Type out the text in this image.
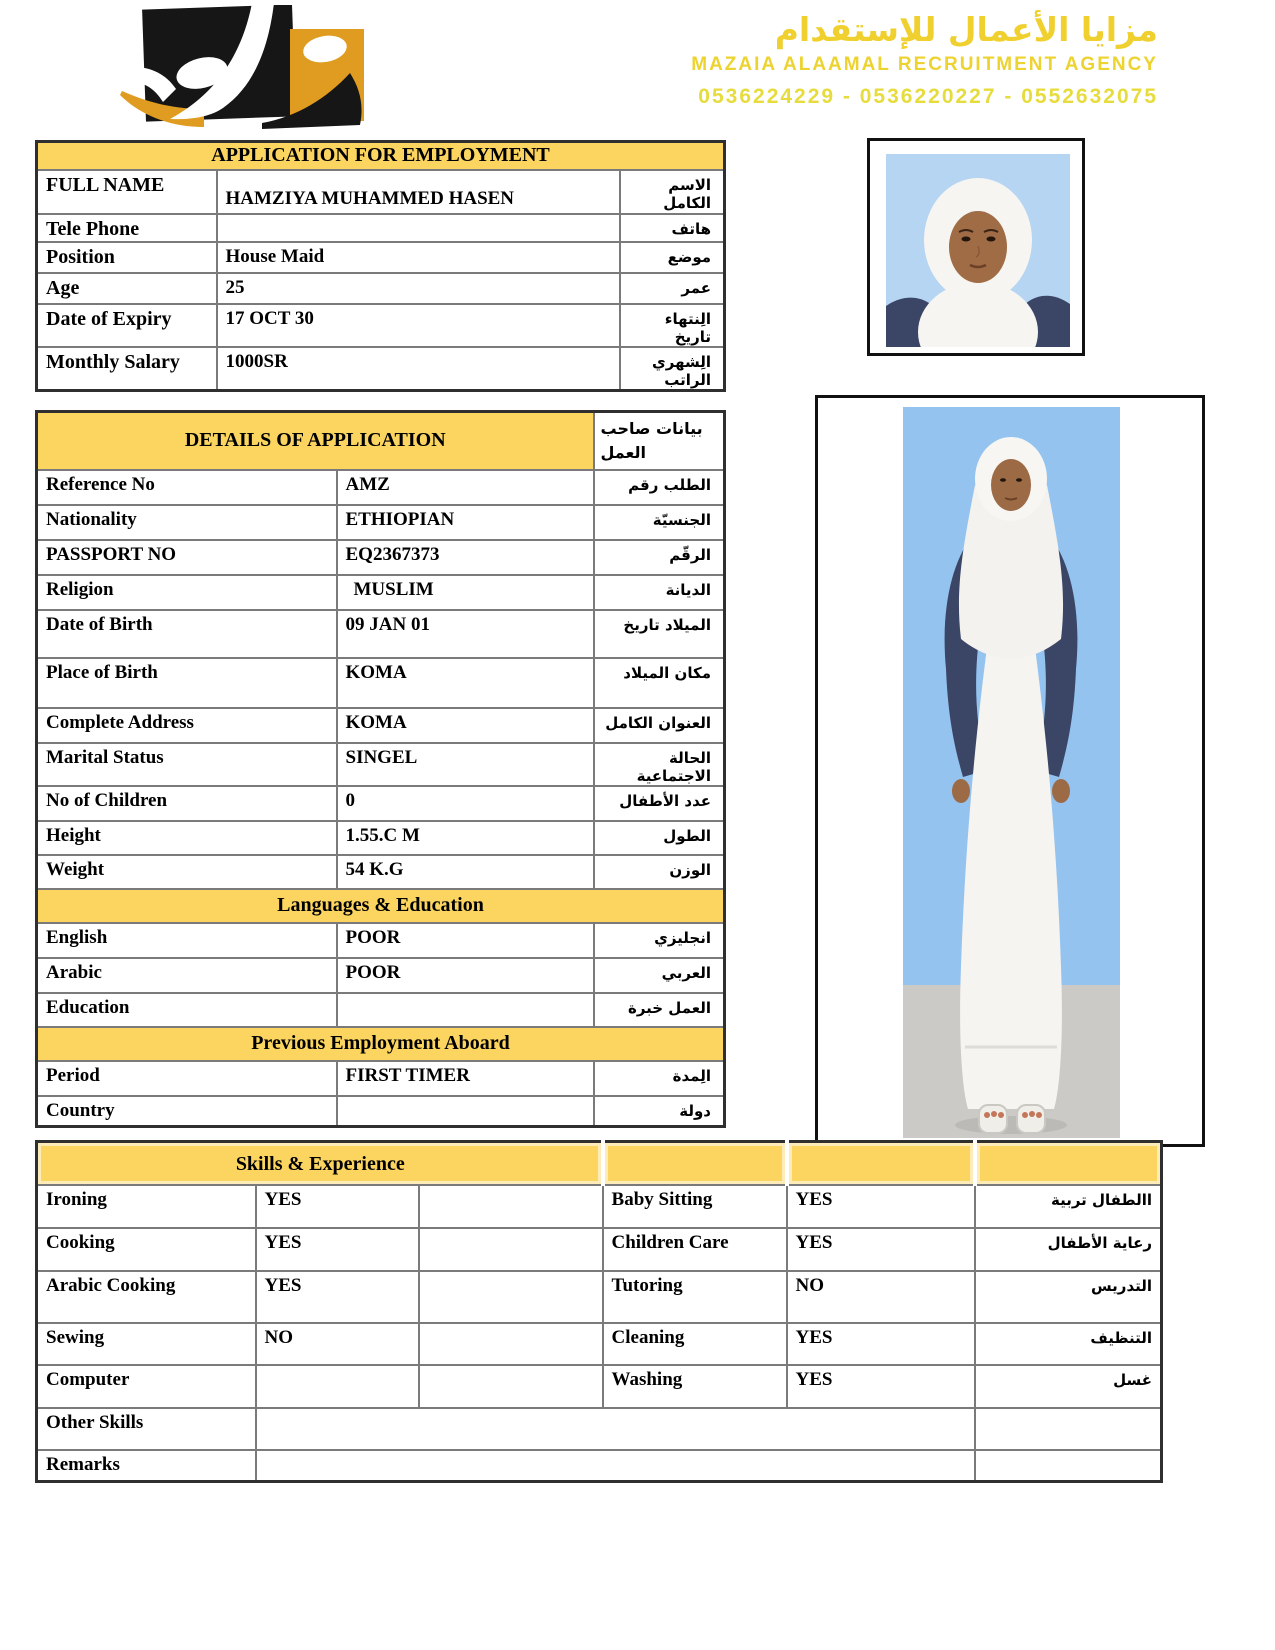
مزايا الأعمال للإستقدام
MAZAIA ALAAMAL RECRUITMENT AGENCY
0536224229 - 0536220227 - 0552632075
APPLICATION FOR EMPLOYMENT		
FULL NAME	HAMZIYA MUHAMMED HASEN	الاسم الكامل
Tele Phone		هاتف
Position	House Maid	موضع
Age	25	عمر
Date of Expiry	17 OCT 30	الِنتهاء تاريخ
Monthly Salary	1000SR	الِشهري الراتب
DETAILS OF APPLICATION		بيانات صاحب
العمل

Reference No	AMZ	الطلب رقم
Nationality	ETHIOPIAN	الجنسيّة
PASSPORT NO	EQ2367373	الرقّم
Religion	MUSLIM	الديانة
Date of Birth	09 JAN 01	الميلاد تاريخ
Place of Birth	KOMA	مكان الميلاد
Complete Address	KOMA	العنوان الكامل
Marital Status	SINGEL	الحالة الاجتماعية
No of Children	0	عدد الأطفال
Height	1.55.C M	الطول
Weight	54 K.G	الوزن
Languages & Education		
English	POOR	انجليزي
Arabic	POOR	العربي
Education		العمل خبرة
Previous Employment Aboard		
Period	FIRST TIMER	الِمدة
Country		دولة
Skills & Experience					
Ironing	YES		Baby Sitting	YES	االطفال تربية
Cooking	YES		Children Care	YES	رعاية الأطفال
Arabic Cooking	YES		Tutoring	NO	التدريس
Sewing	NO		Cleaning	YES	التنظيف
Computer			Washing	YES	غسل
Other Skills					
Remarks					
